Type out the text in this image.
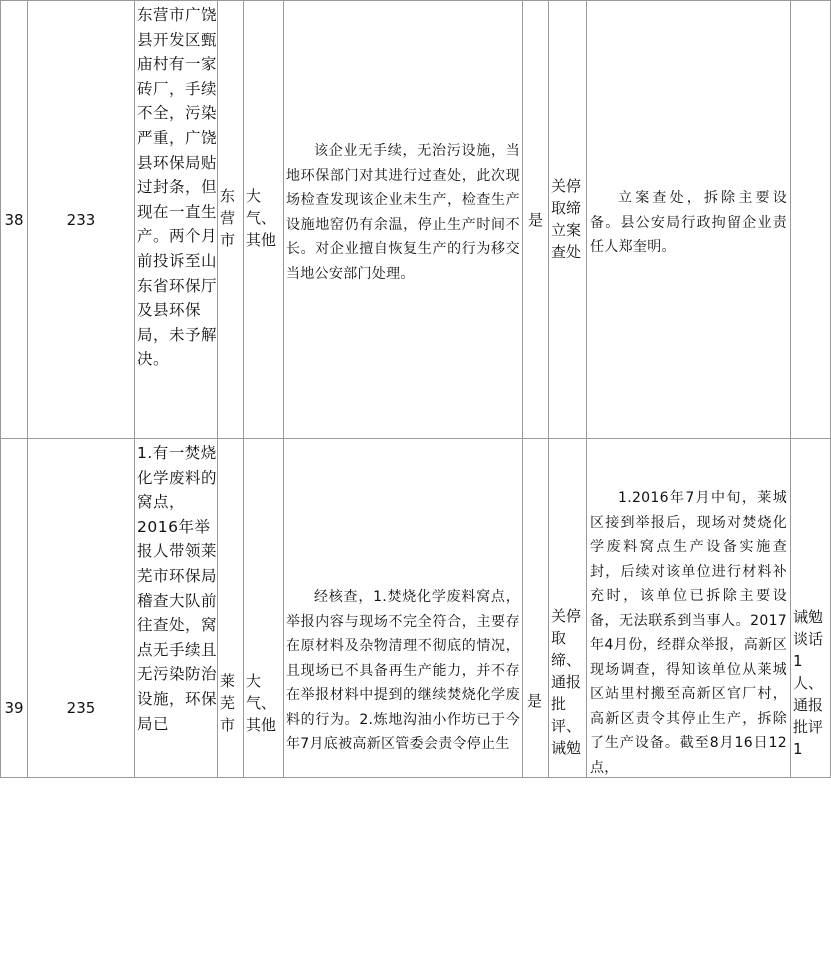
38	233
东营市广饶县开发区甄庙村有一家砖厂，手续不全，污染严重，广饶县环保局贴过封条，但现在一直生产。两个月前投诉至山东省环保厅及县环保局，未予解决。
东营市
大气、其他
该企业无手续，无治污设施，当地环保部门对其进行过查处，此次现场检查发现该企业未生产，检查生产设施地窑仍有余温，停止生产时间不长。对企业擅自恢复生产的行为移交当地公安部门处理。
是
关停取缔立案查处
立案查处，拆除主要设备。县公安局行政拘留企业责任人郑奎明。
39	235
1.有一焚烧化学废料的窝点，2016年举报人带领莱芜市环保局稽查大队前往查处，窝点无手续且无污染防治设施，环保局已
莱芜市
大气、其他
经核查，1.焚烧化学废料窝点，举报内容与现场不完全符合，主要存在原材料及杂物清理不彻底的情况，且现场已不具备再生产能力，并不存在举报材料中提到的继续焚烧化学废料的行为。2.炼地沟油小作坊已于今年7月底被高新区管委会责令停止生
是
关停取缔、通报批评、诫勉
1.2016年7月中旬，莱城区接到举报后，现场对焚烧化学废料窝点生产设备实施查封，后续对该单位进行材料补充时，该单位已拆除主要设备，无法联系到当事人。2017年4月份，经群众举报，高新区现场调查，得知该单位从莱城区站里村搬至高新区官厂村，高新区责令其停止生产，拆除了生产设备。截至8月16日12点，
诫勉谈话1人、通报批评1
